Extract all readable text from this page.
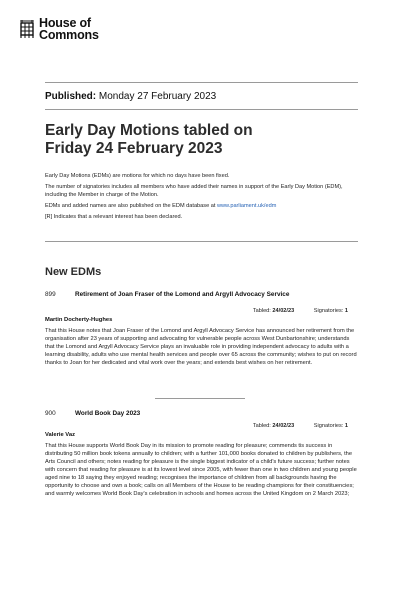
House of
Commons
Published: Monday 27 February 2023
Early Day Motions tabled on
Friday 24 February 2023

Early Day Motions (EDMs) are motions for which no days have been fixed.

The number of signatories includes all members who have added their names in support of the Early Day Motion (EDM), including the Member in charge of the Motion.

EDMs and added names are also published on the EDM database at www.parliament.uk/edm

[R] Indicates that a relevant interest has been declared.

New EDMs
899	Retirement of Joan Fraser of the Lomond and Argyll Advocacy Service
Tabled: 24/02/23	Signatories: 1
Martin Docherty-Hughes
That this House notes that Joan Fraser of the Lomond and Argyll Advocacy Service has announced her retirement from the organisation after 23 years of supporting and advocating for vulnerable people across West Dunbartonshire; understands that the Lomond and Argyll Advocacy Service plays an invaluable role in providing independent advocacy to adults with a learning disability, adults who use mental health services and people over 65 across the community; wishes to put on record thanks to Joan for her dedicated and vital work over the years; and extends best wishes on her retirement.
900	World Book Day 2023
Tabled: 24/02/23	Signatories: 1
Valerie Vaz
That this House supports World Book Day in its mission to promote reading for pleasure; commends tis success in distributing 50 million book tokens annually to children; with a further 101,000 books donated to children by publishers, the Arts Council and others; notes reading for pleasure is the single biggest indicator of a child's future success; further notes with concern that reading for pleasure is at its lowest level since 2005, with fewer than one in two children and young people aged nine to 18 saying they enjoyed reading; recognises the importance of children from all backgrounds having the opportunity to choose and own a book; calls on all Members of the House to be reading champions for their constituencies; and warmly welcomes World Book Day's celebration in schools and homes across the United Kingdom on 2 March 2023;
